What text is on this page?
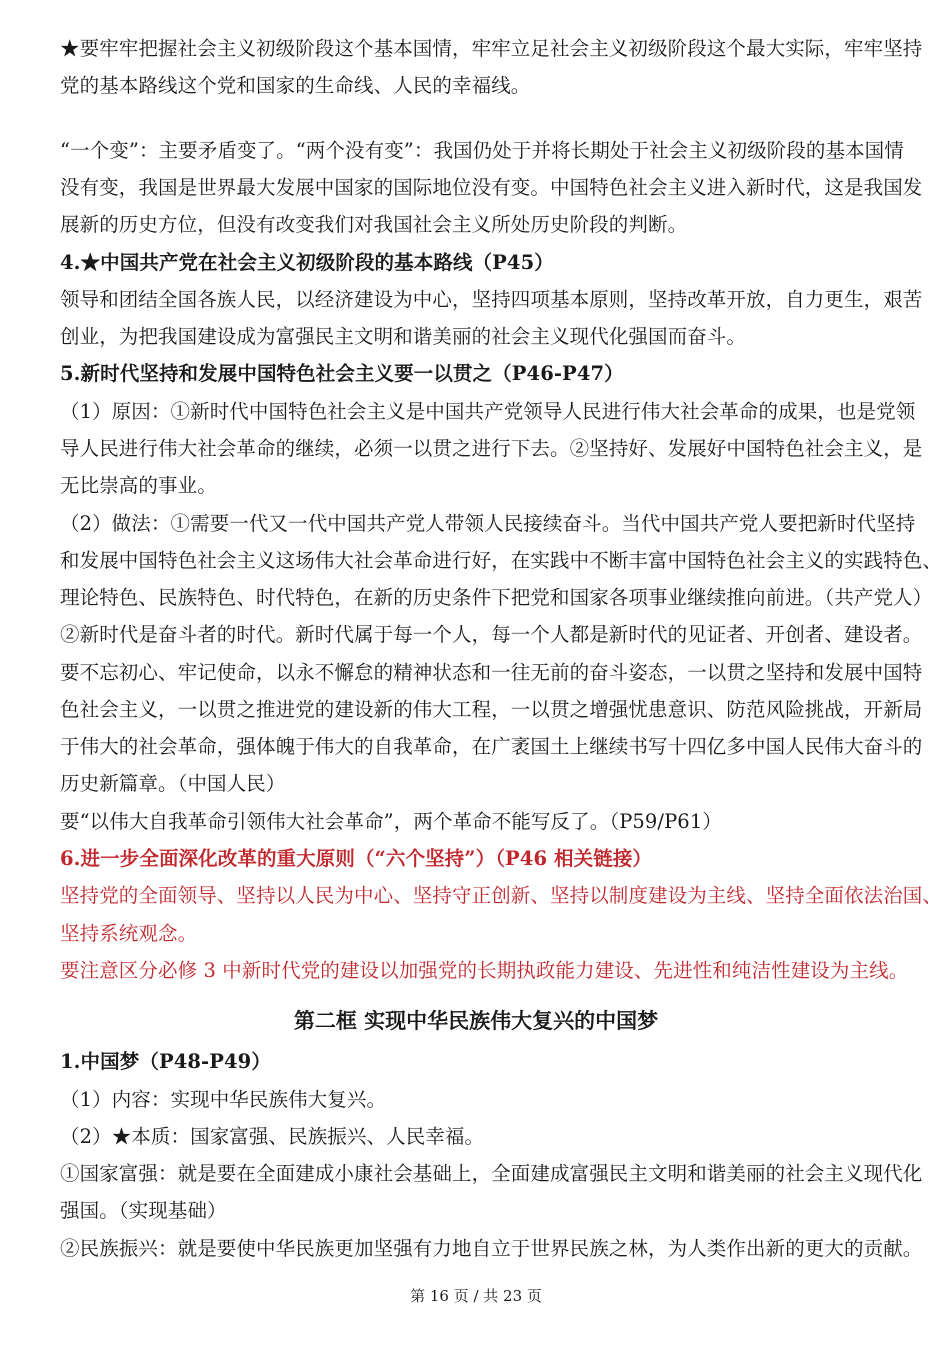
★要牢牢把握社会主义初级阶段这个基本国情，牢牢立足社会主义初级阶段这个最大实际，牢牢坚持
党的基本路线这个党和国家的生命线、人民的幸福线。
“一个变”：主要矛盾变了。“两个没有变”：我国仍处于并将长期处于社会主义初级阶段的基本国情
没有变，我国是世界最大发展中国家的国际地位没有变。中国特色社会主义进入新时代，这是我国发
展新的历史方位，但没有改变我们对我国社会主义所处历史阶段的判断。
4.★中国共产党在社会主义初级阶段的基本路线（P45）
领导和团结全国各族人民，以经济建设为中心，坚持四项基本原则，坚持改革开放，自力更生，艰苦
创业，为把我国建设成为富强民主文明和谐美丽的社会主义现代化强国而奋斗。
5.新时代坚持和发展中国特色社会主义要一以贯之（P46-P47）
（1）原因：①新时代中国特色社会主义是中国共产党领导人民进行伟大社会革命的成果，也是党领
导人民进行伟大社会革命的继续，必须一以贯之进行下去。②坚持好、发展好中国特色社会主义，是
无比崇高的事业。
（2）做法：①需要一代又一代中国共产党人带领人民接续奋斗。当代中国共产党人要把新时代坚持
和发展中国特色社会主义这场伟大社会革命进行好，在实践中不断丰富中国特色社会主义的实践特色、
理论特色、民族特色、时代特色，在新的历史条件下把党和国家各项事业继续推向前进。（共产党人）
②新时代是奋斗者的时代。新时代属于每一个人，每一个人都是新时代的见证者、开创者、建设者。
要不忘初心、牢记使命，以永不懈怠的精神状态和一往无前的奋斗姿态，一以贯之坚持和发展中国特
色社会主义，一以贯之推进党的建设新的伟大工程，一以贯之增强忧患意识、防范风险挑战，开新局
于伟大的社会革命，强体魄于伟大的自我革命，在广袤国土上继续书写十四亿多中国人民伟大奋斗的
历史新篇章。（中国人民）
要“以伟大自我革命引领伟大社会革命”，两个革命不能写反了。（P59/P61）
6.进一步全面深化改革的重大原则（“六个坚持”）（P46 相关链接）
坚持党的全面领导、坚持以人民为中心、坚持守正创新、坚持以制度建设为主线、坚持全面依法治国、
坚持系统观念。
要注意区分必修 3 中新时代党的建设以加强党的长期执政能力建设、先进性和纯洁性建设为主线。
第二框 实现中华民族伟大复兴的中国梦
1.中国梦（P48-P49）
（1）内容：实现中华民族伟大复兴。
（2）★本质：国家富强、民族振兴、人民幸福。
①国家富强：就是要在全面建成小康社会基础上，全面建成富强民主文明和谐美丽的社会主义现代化
强国。（实现基础）
②民族振兴：就是要使中华民族更加坚强有力地自立于世界民族之林，为人类作出新的更大的贡献。
第 16 页 / 共 23 页
